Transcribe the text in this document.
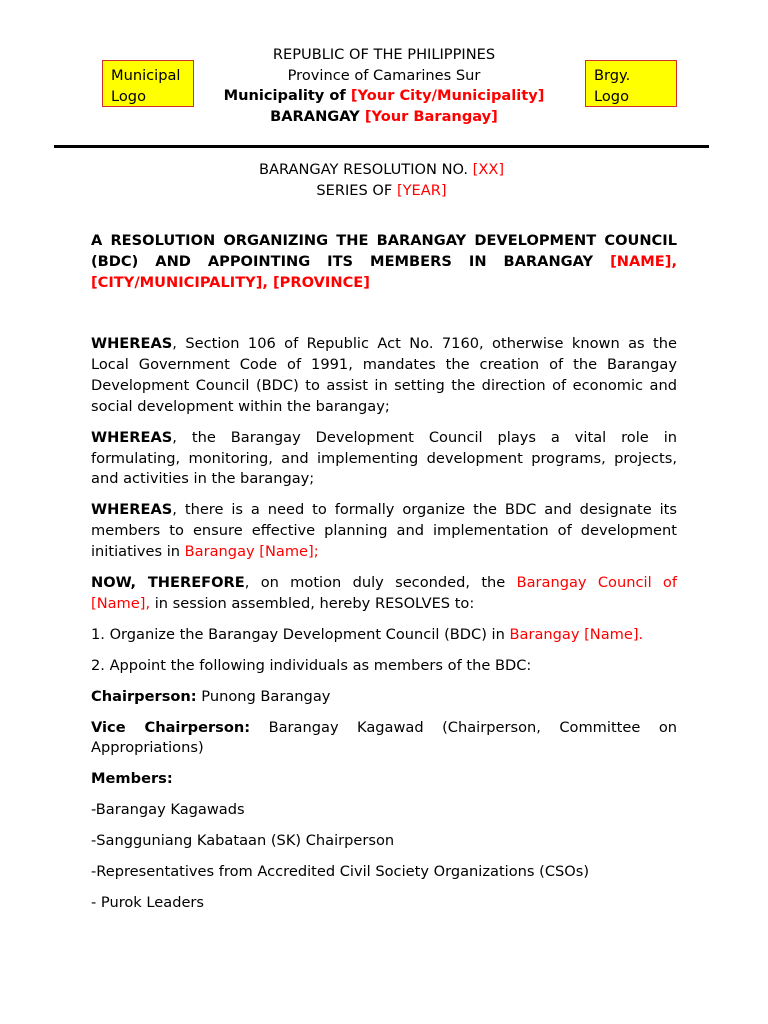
Municipal Logo
Brgy. Logo
REPUBLIC OF THE PHILIPPINES
Province of Camarines Sur
Municipality of [Your City/Municipality]
BARANGAY [Your Barangay]
BARANGAY RESOLUTION NO. [XX]
SERIES OF [YEAR]

A RESOLUTION ORGANIZING THE BARANGAY DEVELOPMENT COUNCIL (BDC) AND APPOINTING ITS MEMBERS IN BARANGAY [NAME], [CITY/MUNICIPALITY], [PROVINCE]

WHEREAS, Section 106 of Republic Act No. 7160, otherwise known as the Local Government Code of 1991, mandates the creation of the Barangay Development Council (BDC) to assist in setting the direction of economic and social development within the barangay;

WHEREAS, the Barangay Development Council plays a vital role in formulating, monitoring, and implementing development programs, projects, and activities in the barangay;

WHEREAS, there is a need to formally organize the BDC and designate its members to ensure effective planning and implementation of development initiatives in Barangay [Name];

NOW, THEREFORE, on motion duly seconded, the Barangay Council of [Name], in session assembled, hereby RESOLVES to:

1. Organize the Barangay Development Council (BDC) in Barangay [Name].

2. Appoint the following individuals as members of the BDC:

Chairperson: Punong Barangay

Vice Chairperson: Barangay Kagawad (Chairperson, Committee on Appropriations)

Members:

-Barangay Kagawads

-Sangguniang Kabataan (SK) Chairperson

-Representatives from Accredited Civil Society Organizations (CSOs)

- Purok Leaders
